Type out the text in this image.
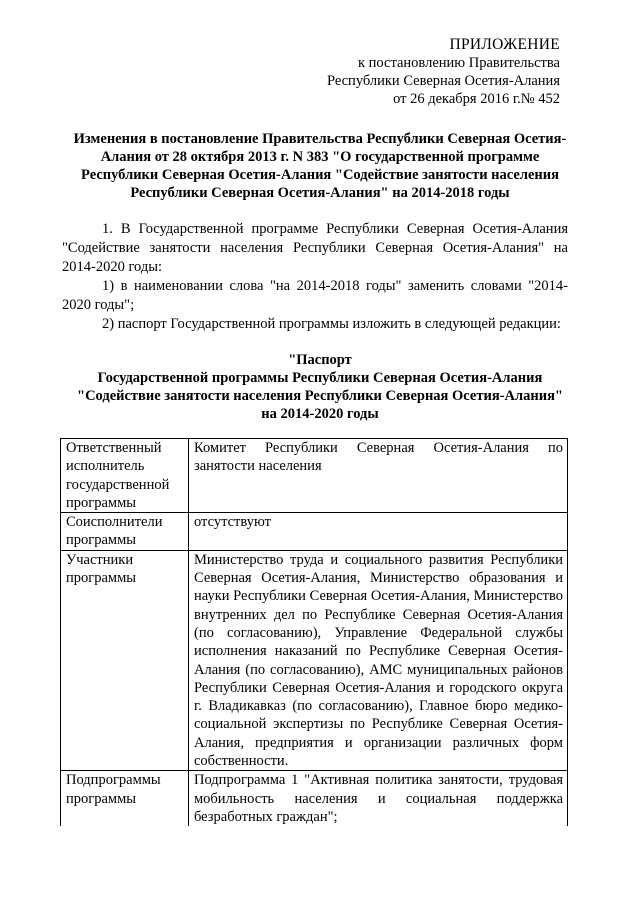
ПРИЛОЖЕНИЕ
к постановлению Правительства
Республики Северная Осетия-Алания
от 26 декабря 2016 г.№ 452
Изменения в постановление Правительства Республики Северная Осетия-Алания от 28 октября 2013 г. N 383 "О государственной программе Республики Северная Осетия-Алания "Содействие занятости населения Республики Северная Осетия-Алания" на 2014-2018 годы

1. В Государственной программе Республики Северная Осетия-Алания "Содействие занятости населения Республики Северная Осетия-Алания" на 2014-2020 годы:

1) в наименовании слова "на 2014-2018 годы" заменить словами "2014-2020 годы";

2) паспорт Государственной программы изложить в следующей редакции:

"Паспорт
Государственной программы Республики Северная Осетия-Алания "Содействие занятости населения Республики Северная Осетия-Алания" на 2014-2020 годы
Ответственный исполнитель государственной программы	Комитет Республики Северная Осетия-Алания по занятости населения
Соисполнители программы	отсутствуют
Участники программы	Министерство труда и социального развития Республики Северная Осетия-Алания, Министерство образования и науки Республики Северная Осетия-Алания, Министерство внутренних дел по Республике Северная Осетия-Алания (по согласованию), Управление Федеральной службы исполнения наказаний по Республике Северная Осетия-Алания (по согласованию), АМС муниципальных районов Республики Северная Осетия-Алания и городского округа г. Владикавказ (по согласованию), Главное бюро медико-социальной экспертизы по Республике Северная Осетия-Алания, предприятия и организации различных форм собственности.
Подпрограммы программы	Подпрограмма 1 "Активная политика занятости, трудовая мобильность населения и социальная поддержка безработных граждан";
